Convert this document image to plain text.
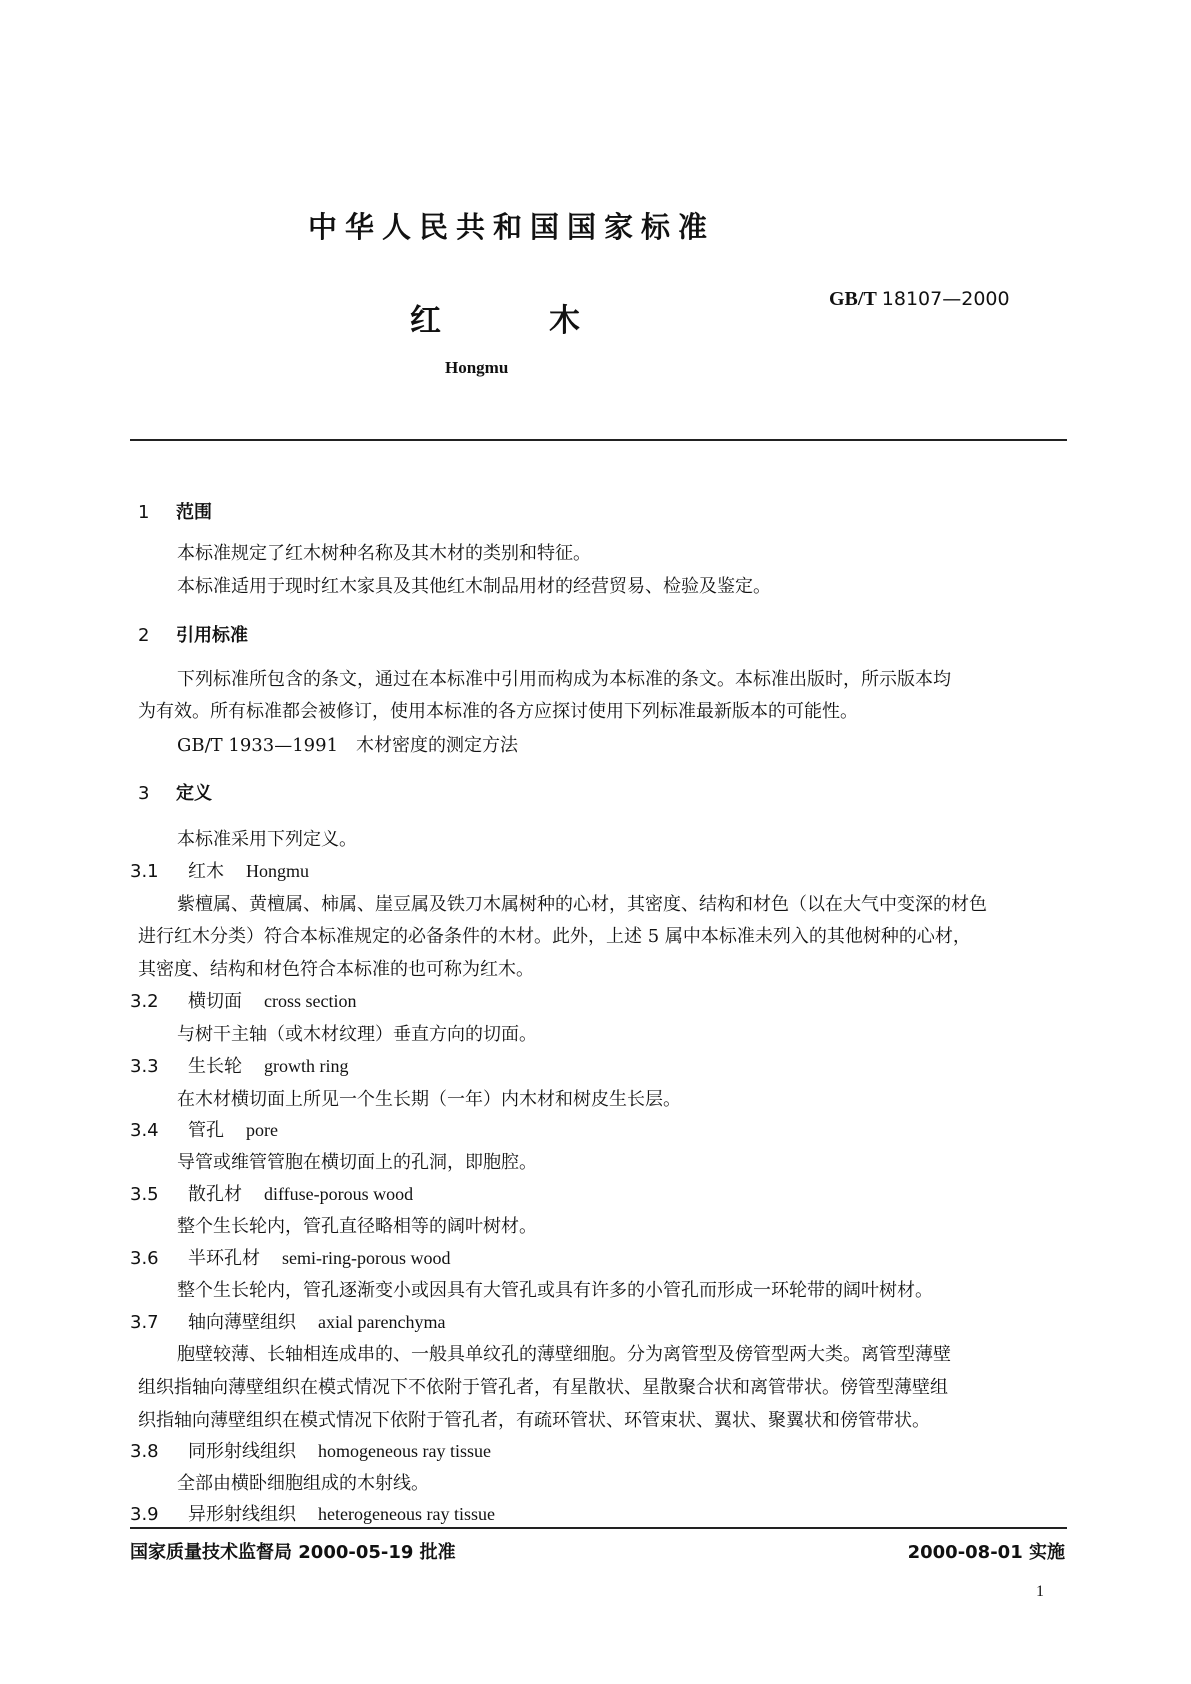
中华人民共和国国家标准
红	木
Hongmu
GB/T 18107—2000
1 范围
本标准规定了红木树种名称及其木材的类别和特征。
本标准适用于现时红木家具及其他红木制品用材的经营贸易、检验及鉴定。
2 引用标准
下列标准所包含的条文，通过在本标准中引用而构成为本标准的条文。本标准出版时，所示版本均
为有效。所有标准都会被修订，使用本标准的各方应探讨使用下列标准最新版本的可能性。
GB/T 1933—1991　木材密度的测定方法
3 定义
本标准采用下列定义。
3.1 红木 Hongmu
紫檀属、黄檀属、柿属、崖豆属及铁刀木属树种的心材，其密度、结构和材色（以在大气中变深的材色
进行红木分类）符合本标准规定的必备条件的木材。此外，上述 5 属中本标准未列入的其他树种的心材，
其密度、结构和材色符合本标准的也可称为红木。
3.2 横切面 cross section
与树干主轴（或木材纹理）垂直方向的切面。
3.3 生长轮 growth ring
在木材横切面上所见一个生长期（一年）内木材和树皮生长层。
3.4 管孔 pore
导管或维管管胞在横切面上的孔洞，即胞腔。
3.5 散孔材 diffuse-porous wood
整个生长轮内，管孔直径略相等的阔叶树材。
3.6 半环孔材 semi-ring-porous wood
整个生长轮内，管孔逐渐变小或因具有大管孔或具有许多的小管孔而形成一环轮带的阔叶树材。
3.7 轴向薄壁组织 axial parenchyma
胞壁较薄、长轴相连成串的、一般具单纹孔的薄壁细胞。分为离管型及傍管型两大类。离管型薄壁
组织指轴向薄壁组织在模式情况下不依附于管孔者，有星散状、星散聚合状和离管带状。傍管型薄壁组
织指轴向薄壁组织在模式情况下依附于管孔者，有疏环管状、环管束状、翼状、聚翼状和傍管带状。
3.8 同形射线组织 homogeneous ray tissue
全部由横卧细胞组成的木射线。
3.9 异形射线组织 heterogeneous ray tissue
国家质量技术监督局 2000-05-19 批准	2000-08-01 实施
1
